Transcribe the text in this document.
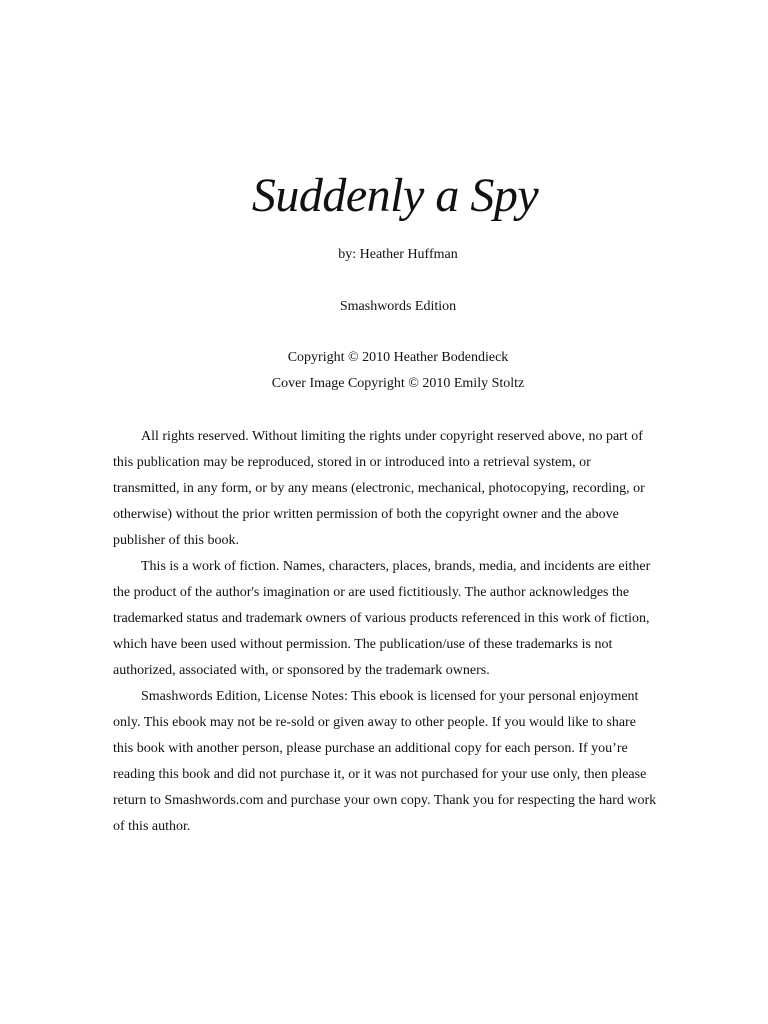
Suddenly a Spy

by: Heather Huffman

Smashwords Edition

Copyright © 2010 Heather Bodendieck

Cover Image Copyright © 2010 Emily Stoltz

All rights reserved. Without limiting the rights under copyright reserved above, no part of this publication may be reproduced, stored in or introduced into a retrieval system, or transmitted, in any form, or by any means (electronic, mechanical, photocopying, recording, or otherwise) without the prior written permission of both the copyright owner and the above publisher of this book.

This is a work of fiction. Names, characters, places, brands, media, and incidents are either the product of the author's imagination or are used fictitiously. The author acknowledges the trademarked status and trademark owners of various products referenced in this work of fiction, which have been used without permission. The publication/use of these trademarks is not authorized, associated with, or sponsored by the trademark owners.

Smashwords Edition, License Notes: This ebook is licensed for your personal enjoyment only. This ebook may not be re-sold or given away to other people. If you would like to share this book with another person, please purchase an additional copy for each person. If you’re reading this book and did not purchase it, or it was not purchased for your use only, then please return to Smashwords.com and purchase your own copy. Thank you for respecting the hard work of this author.
